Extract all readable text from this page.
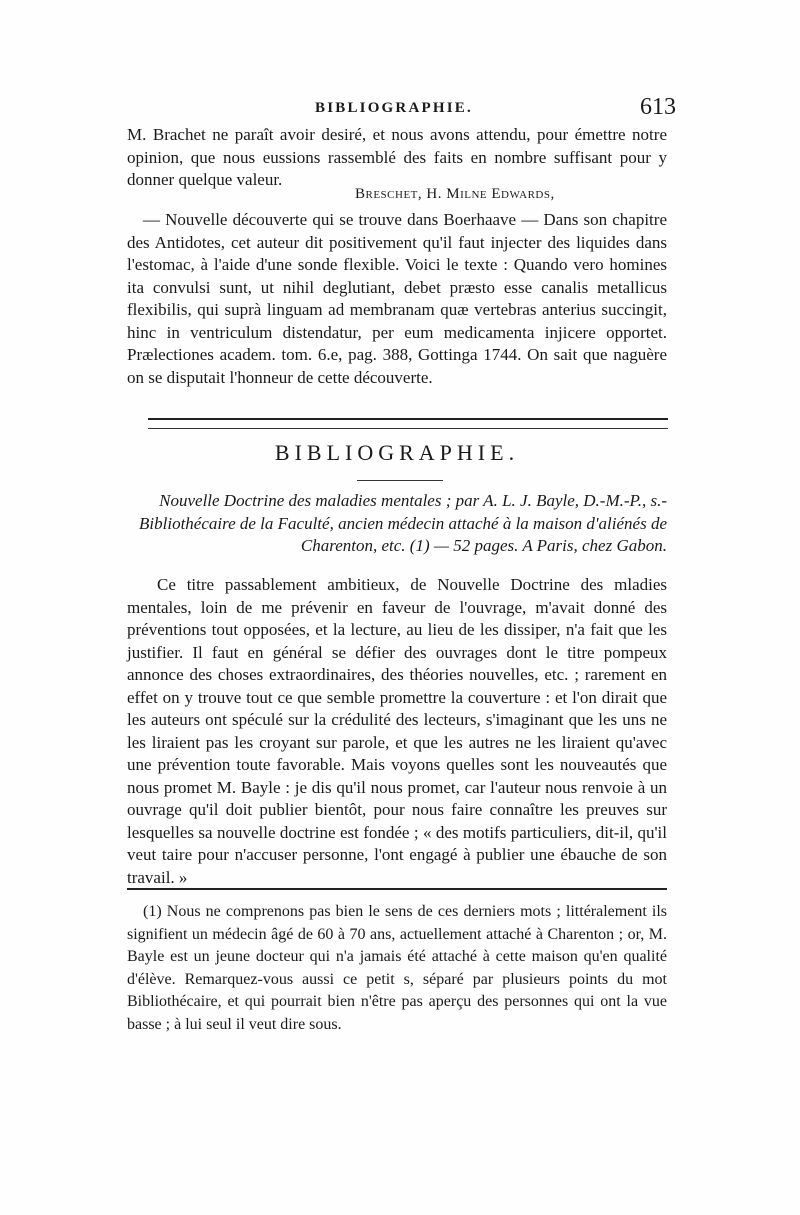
BIBLIOGRAPHIE.	613

M. Brachet ne paraît avoir desiré, et nous avons attendu, pour émettre notre opinion, que nous eussions rassemblé des faits en nombre suffisant pour y donner quelque valeur.

Breschet, H. Milne Edwards,

— Nouvelle découverte qui se trouve dans Boerhaave — Dans son chapitre des Antidotes, cet auteur dit positivement qu'il faut injecter des liquides dans l'estomac, à l'aide d'une sonde flexible. Voici le texte : Quando vero homines ita convulsi sunt, ut nihil deglutiant, debet præsto esse canalis metallicus flexibilis, qui suprà linguam ad membranam quæ vertebras anterius succingit, hinc in ventriculum distendatur, per eum medicamenta injicere opportet. Prælectiones academ. tom. 6.e, pag. 388, Gottinga 1744. On sait que naguère on se disputait l'honneur de cette découverte.

BIBLIOGRAPHIE.

Nouvelle Doctrine des maladies mentales ; par A. L. J. Bayle, D.-M.-P., s.-Bibliothécaire de la Faculté, ancien médecin attaché à la maison d'aliénés de Charenton, etc. (1) — 52 pages. A Paris, chez Gabon.

Ce titre passablement ambitieux, de Nouvelle Doctrine des mladies mentales, loin de me prévenir en faveur de l'ouvrage, m'avait donné des préventions tout opposées, et la lecture, au lieu de les dissiper, n'a fait que les justifier. Il faut en général se défier des ouvrages dont le titre pompeux annonce des choses extraordinaires, des théories nouvelles, etc. ; rarement en effet on y trouve tout ce que semble promettre la couverture : et l'on dirait que les auteurs ont spéculé sur la crédulité des lecteurs, s'imaginant que les uns ne les liraient pas les croyant sur parole, et que les autres ne les liraient qu'avec une prévention toute favorable. Mais voyons quelles sont les nouveautés que nous promet M. Bayle : je dis qu'il nous promet, car l'auteur nous renvoie à un ouvrage qu'il doit publier bientôt, pour nous faire connaître les preuves sur lesquelles sa nouvelle doctrine est fondée ; « des motifs particuliers, dit-il, qu'il veut taire pour n'accuser personne, l'ont engagé à publier une ébauche de son travail. »

(1) Nous ne comprenons pas bien le sens de ces derniers mots ; littéralement ils signifient un médecin âgé de 60 à 70 ans, actuellement attaché à Charenton ; or, M. Bayle est un jeune docteur qui n'a jamais été attaché à cette maison qu'en qualité d'élève. Remarquez-vous aussi ce petit s, séparé par plusieurs points du mot Bibliothécaire, et qui pourrait bien n'être pas aperçu des personnes qui ont la vue basse ; à lui seul il veut dire sous.
